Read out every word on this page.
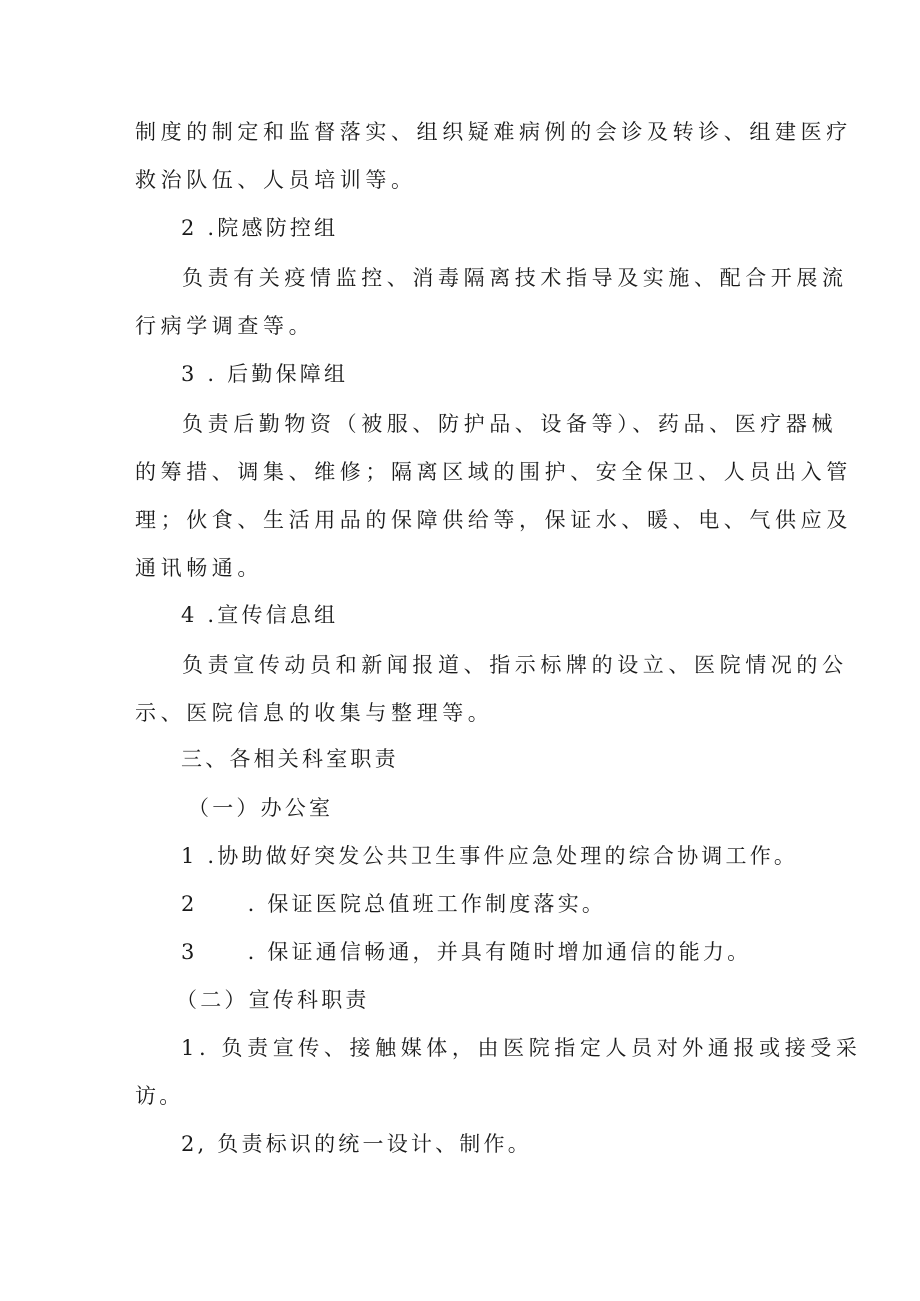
制度的制定和监督落实、组织疑难病例的会诊及转诊、组建医疗
救治队伍、人员培训等。
2 .院感防控组
负责有关疫情监控、消毒隔离技术指导及实施、配合开展流
行病学调查等。
3 . 后勤保障组
负责后勤物资（被服、防护品、设备等）、药品、医疗器械
的筹措、调集、维修；隔离区域的围护、安全保卫、人员出入管
理；伙食、生活用品的保障供给等，保证水、暖、电、气供应及
通讯畅通。
4 .宣传信息组
负责宣传动员和新闻报道、指示标牌的设立、医院情况的公
示、医院信息的收集与整理等。
三、各相关科室职责
（一）办公室
1 .协助做好突发公共卫生事件应急处理的综合协调工作。
2 . 保证医院总值班工作制度落实。
3 . 保证通信畅通，并具有随时增加通信的能力。
（二）宣传科职责
1. 负责宣传、接触媒体，由医院指定人员对外通报或接受采
访。
2, 负责标识的统一设计、制作。
